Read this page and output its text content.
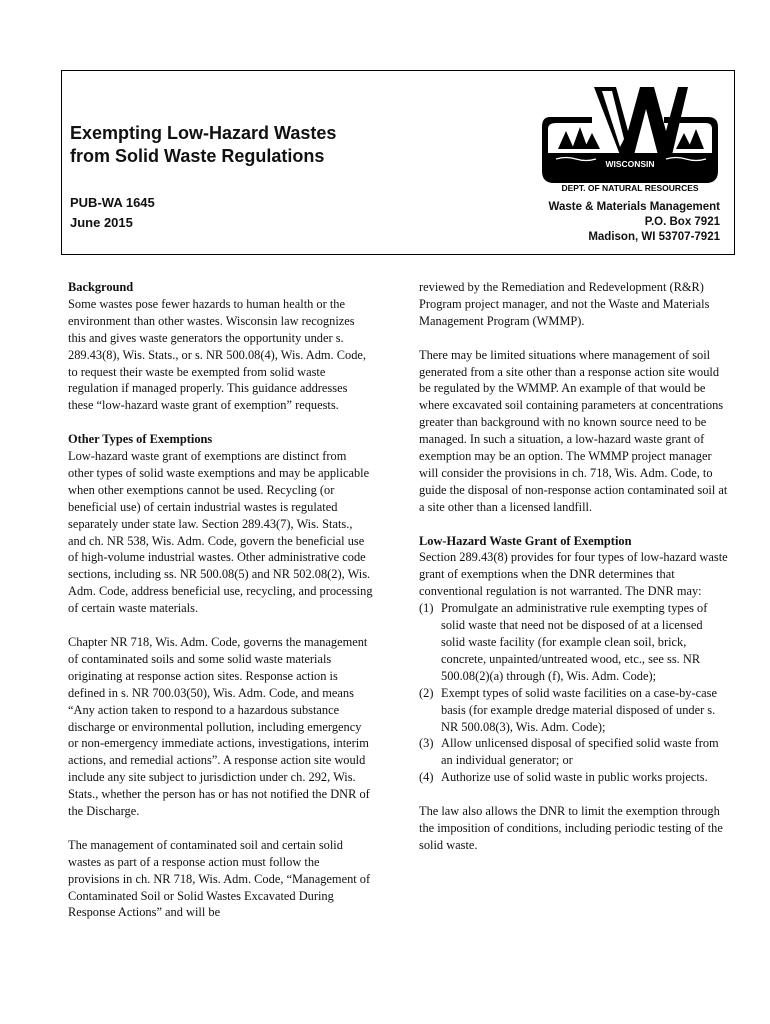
Exempting Low-Hazard Wastes
from Solid Waste Regulations
PUB-WA 1645
June 2015
WISCONSIN
DEPT. OF NATURAL RESOURCES
Waste & Materials Management
P.O. Box 7921
Madison, WI 53707-7921
Background

Some wastes pose fewer hazards to human health or the environment than other wastes. Wisconsin law recognizes this and gives waste generators the opportunity under s. 289.43(8), Wis. Stats., or s. NR 500.08(4), Wis. Adm. Code, to request their waste be exempted from solid waste regulation if managed properly. This guidance addresses these “low-hazard waste grant of exemption” requests.

Other Types of Exemptions

Low-hazard waste grant of exemptions are distinct from other types of solid waste exemptions and may be applicable when other exemptions cannot be used. Recycling (or beneficial use) of certain industrial wastes is regulated separately under state law. Section 289.43(7), Wis. Stats., and ch. NR 538, Wis. Adm. Code, govern the beneficial use of high-volume industrial wastes. Other administrative code sections, including ss. NR 500.08(5) and NR 502.08(2), Wis. Adm. Code, address beneficial use, recycling, and processing of certain waste materials.

Chapter NR 718, Wis. Adm. Code, governs the management of contaminated soils and some solid waste materials originating at response action sites. Response action is defined in s. NR 700.03(50), Wis. Adm. Code, and means “Any action taken to respond to a hazardous substance discharge or environmental pollution, including emergency or non-emergency immediate actions, investigations, interim actions, and remedial actions”. A response action site would include any site subject to jurisdiction under ch. 292, Wis. Stats., whether the person has or has not notified the DNR of the Discharge.

The management of contaminated soil and certain solid wastes as part of a response action must follow the provisions in ch. NR 718, Wis. Adm. Code, “Management of Contaminated Soil or Solid Wastes Excavated During Response Actions” and will be

reviewed by the Remediation and Redevelopment (R&R) Program project manager, and not the Waste and Materials Management Program (WMMP).

There may be limited situations where management of soil generated from a site other than a response action site would be regulated by the WMMP. An example of that would be where excavated soil containing parameters at concentrations greater than background with no known source need to be managed. In such a situation, a low-hazard waste grant of exemption may be an option. The WMMP project manager will consider the provisions in ch. 718, Wis. Adm. Code, to guide the disposal of non-response action contaminated soil at a site other than a licensed landfill.

Low-Hazard Waste Grant of Exemption
Section 289.43(8) provides for four types of low-hazard waste grant of exemptions when the DNR determines that conventional regulation is not warranted. The DNR may:
(1) Promulgate an administrative rule exempting types of solid waste that need not be disposed of at a licensed solid waste facility (for example clean soil, brick, concrete, unpainted/untreated wood, etc., see ss. NR 500.08(2)(a) through (f), Wis. Adm. Code);
(2) Exempt types of solid waste facilities on a case-by-case basis (for example dredge material disposed of under s. NR 500.08(3), Wis. Adm. Code);
(3) Allow unlicensed disposal of specified solid waste from an individual generator; or
(4) Authorize use of solid waste in public works projects.

The law also allows the DNR to limit the exemption through the imposition of conditions, including periodic testing of the solid waste.
